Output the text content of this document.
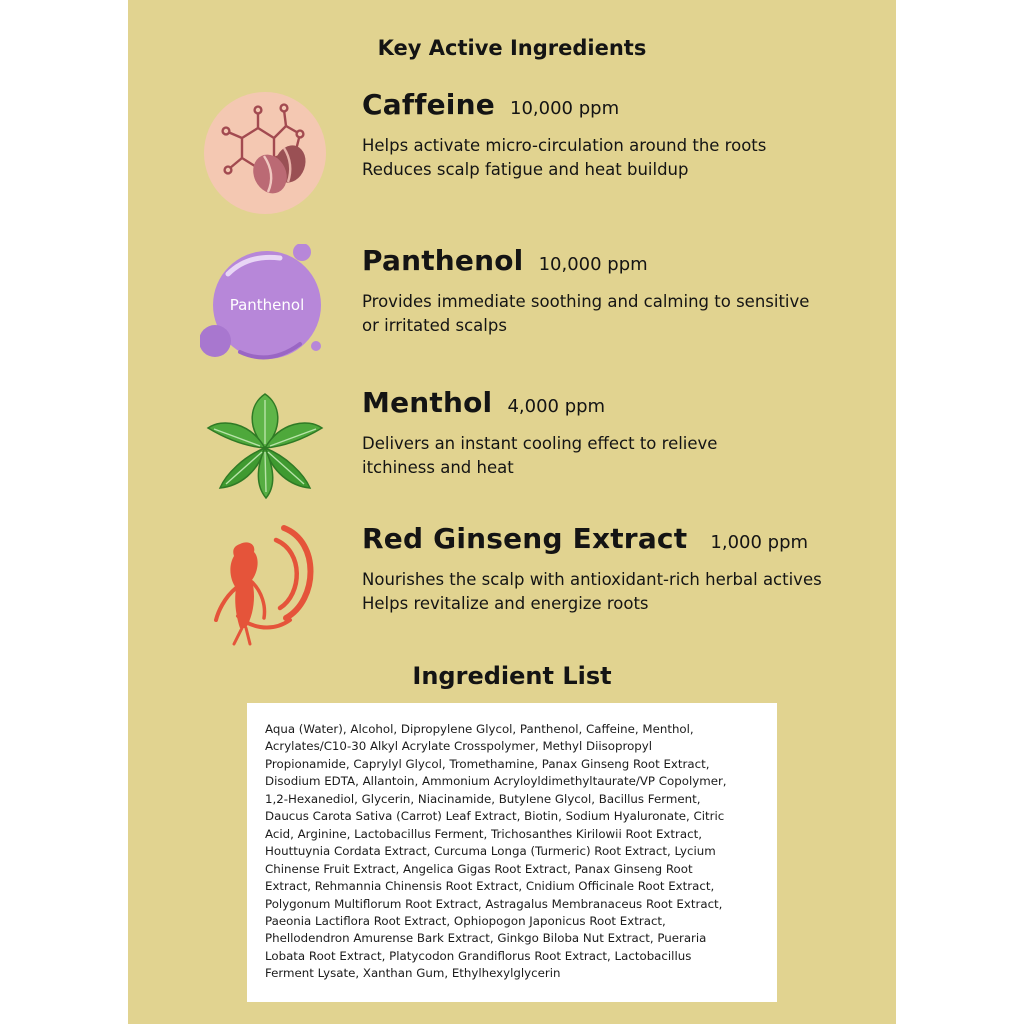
Key Active Ingredients
Caffeine 10,000 ppm
Helps activate micro-circulation around the roots
Reduces scalp fatigue and heat buildup
Panthenol
Panthenol 10,000 ppm
Provides immediate soothing and calming to sensitive
or irritated scalps
Menthol 4,000 ppm
Delivers an instant cooling effect to relieve
itchiness and heat
Red Ginseng Extract 1,000 ppm
Nourishes the scalp with antioxidant-rich herbal actives
Helps revitalize and energize roots
Ingredient List
Aqua (Water), Alcohol, Dipropylene Glycol, Panthenol, Caffeine, Menthol,
Acrylates/C10-30 Alkyl Acrylate Crosspolymer, Methyl Diisopropyl
Propionamide, Caprylyl Glycol, Tromethamine, Panax Ginseng Root Extract,
Disodium EDTA, Allantoin, Ammonium Acryloyldimethyltaurate/VP Copolymer,
1,2-Hexanediol, Glycerin, Niacinamide, Butylene Glycol, Bacillus Ferment,
Daucus Carota Sativa (Carrot) Leaf Extract, Biotin, Sodium Hyaluronate, Citric
Acid, Arginine, Lactobacillus Ferment, Trichosanthes Kirilowii Root Extract,
Houttuynia Cordata Extract, Curcuma Longa (Turmeric) Root Extract, Lycium
Chinense Fruit Extract, Angelica Gigas Root Extract, Panax Ginseng Root
Extract, Rehmannia Chinensis Root Extract, Cnidium Officinale Root Extract,
Polygonum Multiflorum Root Extract, Astragalus Membranaceus Root Extract,
Paeonia Lactiflora Root Extract, Ophiopogon Japonicus Root Extract,
Phellodendron Amurense Bark Extract, Ginkgo Biloba Nut Extract, Pueraria
Lobata Root Extract, Platycodon Grandiflorus Root Extract, Lactobacillus
Ferment Lysate, Xanthan Gum, Ethylhexylglycerin
